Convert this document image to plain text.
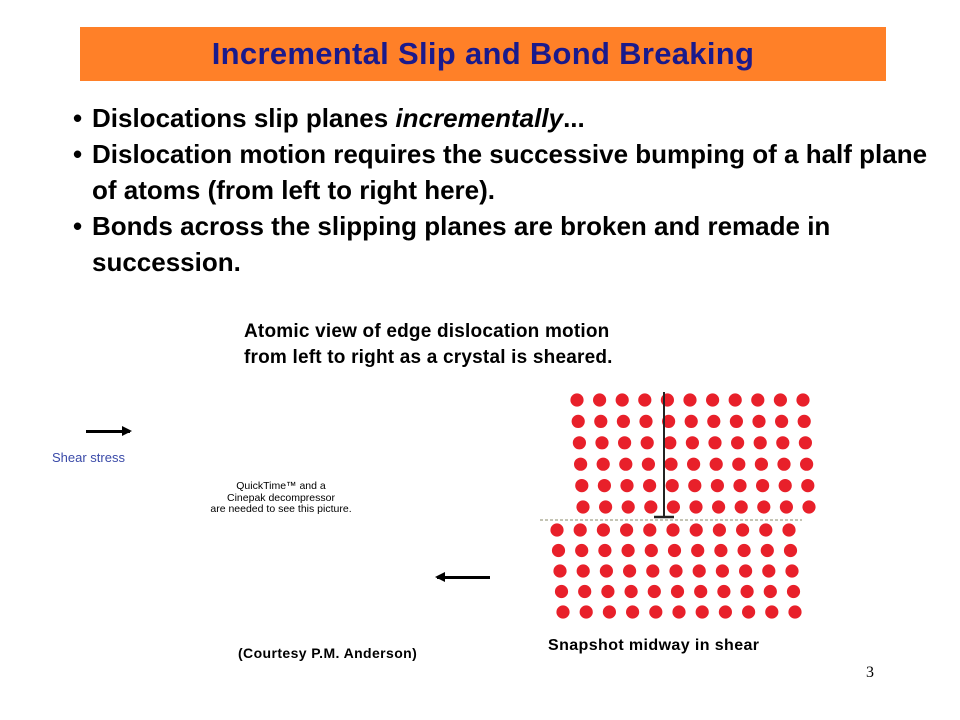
Incremental Slip and Bond Breaking
• Dislocations slip planes incrementally...
• Dislocation motion requires the successive bumping of a half plane of atoms (from left to right here).
• Bonds across the slipping planes are broken and remade in succession.
Atomic view of edge dislocation motion
from left to right as a crystal is sheared.
Shear stress
QuickTime™ and a
Cinepak decompressor
are needed to see this picture.
(Courtesy P.M. Anderson)	Snapshot midway in shear
3
